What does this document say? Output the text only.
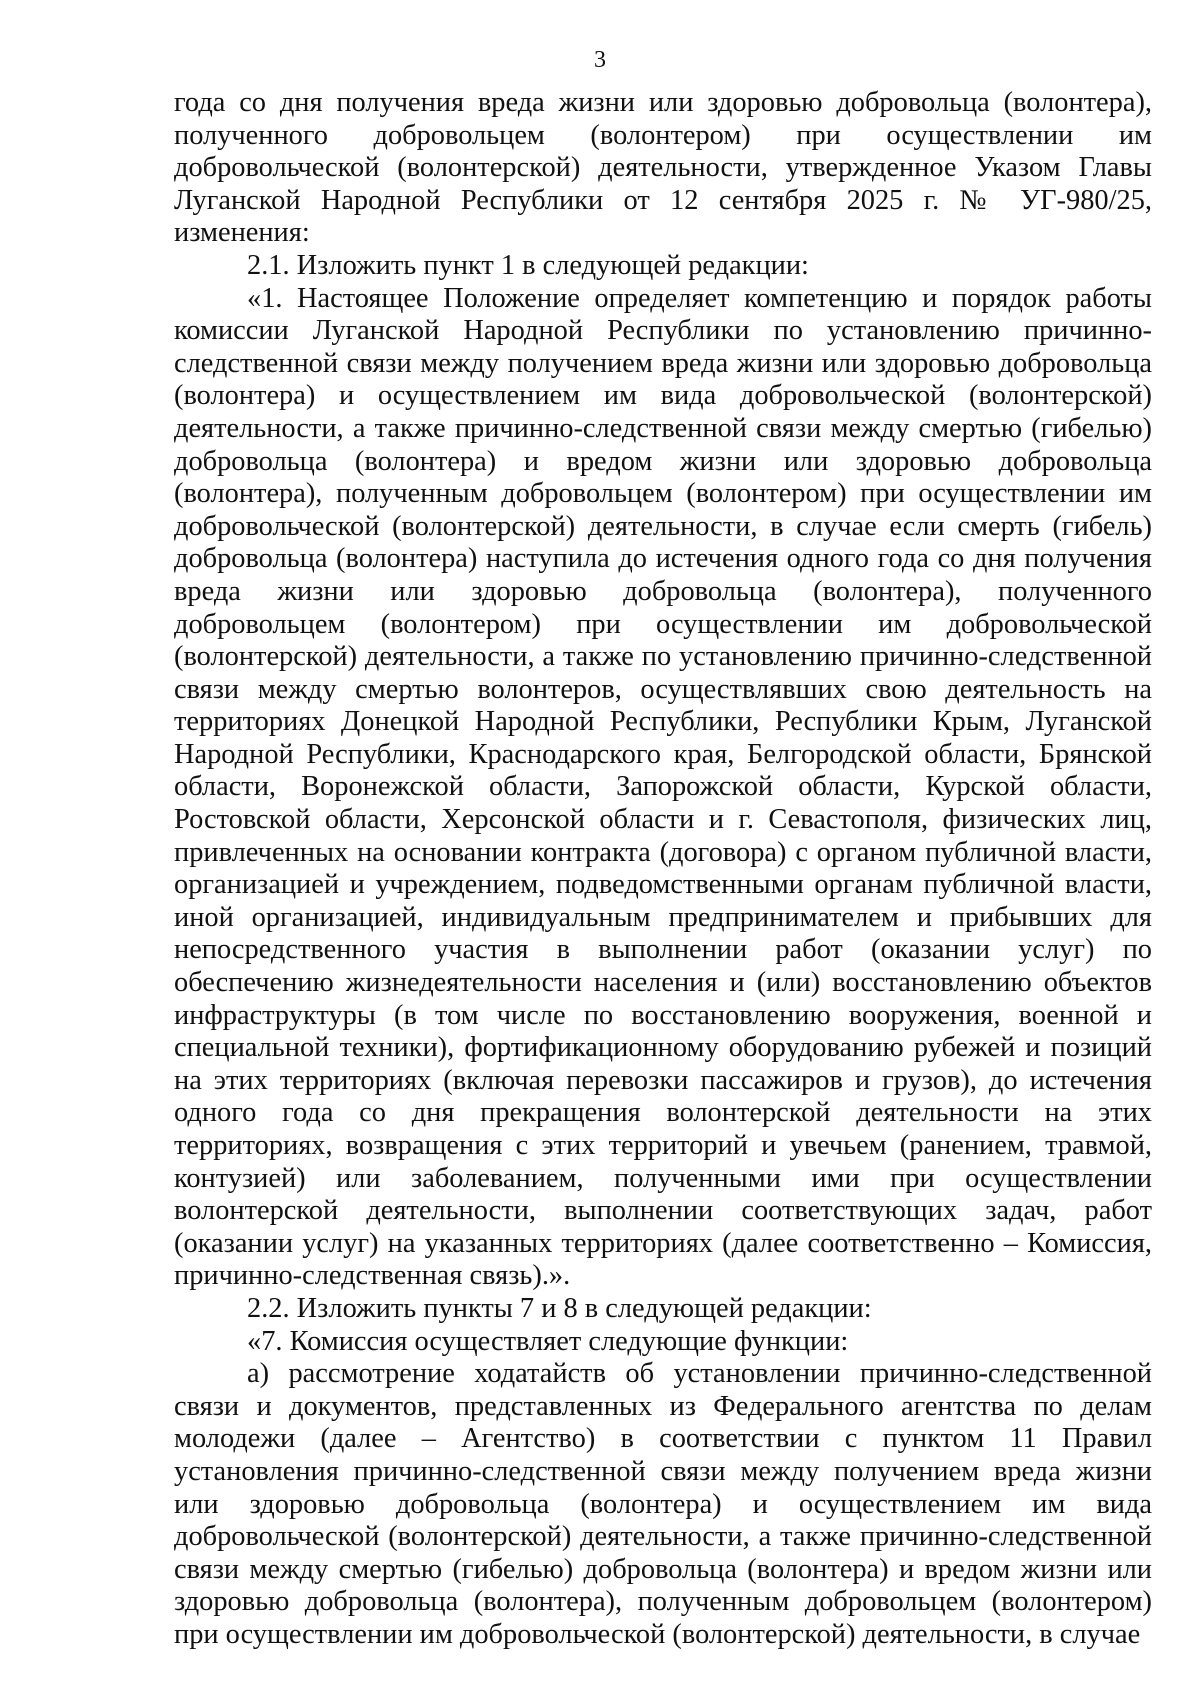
3

года со дня получения вреда жизни или здоровью добровольца (волонтера), полученного добровольцем (волонтером) при осуществлении им добровольческой (волонтерской) деятельности, утвержденное Указом Главы Луганской Народной Республики от 12 сентября 2025 г. № УГ-980/25, изменения:

2.1. Изложить пункт 1 в следующей редакции:

«1. Настоящее Положение определяет компетенцию и порядок работы комиссии Луганской Народной Республики по установлению причинно-следственной связи между получением вреда жизни или здоровью добровольца (волонтера) и осуществлением им вида добровольческой (волонтерской) деятельности, а также причинно-следственной связи между смертью (гибелью) добровольца (волонтера) и вредом жизни или здоровью добровольца (волонтера), полученным добровольцем (волонтером) при осуществлении им добровольческой (волонтерской) деятельности, в случае если смерть (гибель) добровольца (волонтера) наступила до истечения одного года со дня получения вреда жизни или здоровью добровольца (волонтера), полученного добровольцем (волонтером) при осуществлении им добровольческой (волонтерской) деятельности, а также по установлению причинно-следственной связи между смертью волонтеров, осуществлявших свою деятельность на территориях Донецкой Народной Республики, Республики Крым, Луганской Народной Республики, Краснодарского края, Белгородской области, Брянской области, Воронежской области, Запорожской области, Курской области, Ростовской области, Херсонской области и г. Севастополя, физических лиц, привлеченных на основании контракта (договора) с органом публичной власти, организацией и учреждением, подведомственными органам публичной власти, иной организацией, индивидуальным предпринимателем и прибывших для непосредственного участия в выполнении работ (оказании услуг) по обеспечению жизнедеятельности населения и (или) восстановлению объектов инфраструктуры (в том числе по восстановлению вооружения, военной и специальной техники), фортификационному оборудованию рубежей и позиций на этих территориях (включая перевозки пассажиров и грузов), до истечения одного года со дня прекращения волонтерской деятельности на этих территориях, возвращения с этих территорий и увечьем (ранением, травмой, контузией) или заболеванием, полученными ими при осуществлении волонтерской деятельности, выполнении соответствующих задач, работ (оказании услуг) на указанных территориях (далее соответственно – Комиссия, причинно-следственная связь).».

2.2. Изложить пункты 7 и 8 в следующей редакции:

«7. Комиссия осуществляет следующие функции:

а) рассмотрение ходатайств об установлении причинно-следственной связи и документов, представленных из Федерального агентства по делам молодежи (далее – Агентство) в соответствии с пунктом 11 Правил установления причинно-следственной связи между получением вреда жизни или здоровью добровольца (волонтера) и осуществлением им вида добровольческой (волонтерской) деятельности, а также причинно-следственной связи между смертью (гибелью) добровольца (волонтера) и вредом жизни или здоровью добровольца (волонтера), полученным добровольцем (волонтером) при осуществлении им добровольческой (волонтерской) деятельности, в случае
